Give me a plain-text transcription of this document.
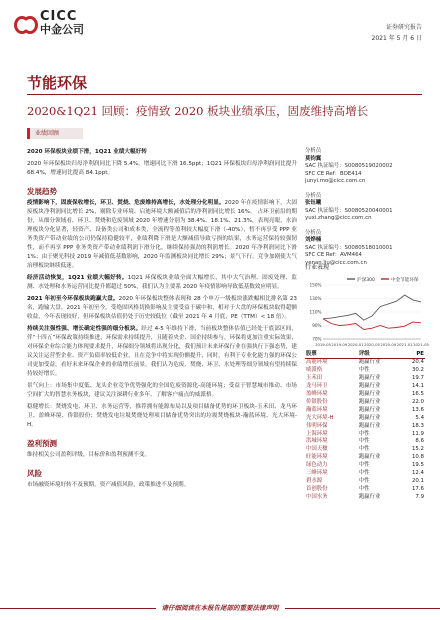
CICC
中金公司	证券研究报告
2021 年 5 月 6 日
节能环保
2020&1Q21 回顾：疫情致 2020 板块业绩承压，固废维持高增长
业绩回顾

2020 环保板块业绩下滑，1Q21 业绩大幅好转

2020 年环保板块归母净利润同比下降 5.4%，增速同比下滑 16.5ppt；1Q21 环保板块归母净利润同比提升 68.4%，增速同比提高 84.1ppt。

发展趋势

疫情影响下，固废保收增长，环卫、焚烧、危废维持高增长，水处理分化明显。2020 年在疫情影响下，大固废板块净利润同比增长 2%，剔除专业环境、启迪环境大额减值后的净利润同比增长 16%。 占环卫前沿的期份，从细分领域看，环卫、焚烧和危废领域 2020 年增速分别为 38.4%、18.1%、21.3%，表现亮眼。水治理板块分化显著，轻资产、设备类公司和成本类，全流程等盈利较大幅度下滑（-40%），暂不再享受 PPP 业务类资产带动业绩的公司仍保持稳健较平，业绩利降下滑是大额减值导致亏损的结果，水务运营保持较强韧性，而不再享 PPP 业务类资产带动业绩利润下滑分化，继续保持强劲的利润增长。2020 年净利润同比下滑 1%；由于聚光科技 2019 年减值低基数影响，2020 年监测板块同比增长 29%；景气下行，竞争加剧使大气治理板块继续低迷。

经济活动恢复，1Q21 业绩大幅好转。1Q21 环保板块业绩全面大幅增长，其中大气治理、固废处理、监测、水处理和水务运营同比提升都超过 50%，我们认为主要系 2020 年疫情影响导致低基数效应明显。

2021 年初至今环保板块跑赢大盘。2020 年环保板块整体表现和 28 个申万一级板块涨跌幅相比排名第 23 名，跑输大盘。2021 年初至今，受绝固风格切换影响及主要受益于碳中和，相对于大盘的环保板块取得超额收益，今年表现较好，但环保板块估值仍处于历史较低位（截至 2021 年 4 月底，PE（TTM）< 18 倍）。

持续关注强性强、增长确定性强的细分板块。经过 4-5 年维持下滑，当前板块整体估值已经处于底部区间，伴“十四五”环保政策持续推进，环保需求持续提升，且随着央企、国企持续参与，环保将更加注重实际效果，对环保企业综合能力体现要求提升，环保细分领域将出现分化，我们预计未来环保行业在强执行下强态势，建议关注运营型企业、资产负债率较低企业，且在竞争中将实现份额提升，同时，有利于专业化能力强的环保公司更加受益，看好未来环保企业的业绩增长前景，我们认为危废、焚烧、环卫、水处理等细分领域有望持续保持较好增长。

景气向上：市场集中度低、龙头企业竞争优势强化的全国危废资源化-高能环境；受益于智慧城市推动、市场空间扩大的智慧水务板块，建议关注深耕行业多年、了解客户痛点的威派格。

稳健增长：焚烧发电、环卫、水务运营等，推荐拥有能源布局以及项目储备优势的环卫板块-玉禾田、龙马环卫、盈峰环境、侨银股份；焚烧发电垃圾焚烧处理项目储备优势突出的垃圾焚烧板块-瀚蓝环境、光大环境-H。

盈利预测

维持相关公司盈利评级，目标价和盈利预测不变。

风险

市场融资环境好转不及预期，资产减值风险，政策推进不及预期。

分析员
莫钧翼
SAC 执证编号：S0080519020002
SFC CE Ref：BOE414
junyi.mo@cicc.com.cn
分析员
张钰曦
SAC 执证编号：S0080520040001
yuxi.zhang@cicc.com.cn
分析员
刘烨楠
SAC 执证编号：S0080518010001
SFC CE Ref：AVM464
yenan.liu@cicc.com.cn
行业表现
150%
130%
110%
90%
70%
2019-05 2019-09 2020-01 2020-05 2020-09 2021-01 2021-05
沪深300	中金节能环保
股票	评级	PE
高能环境	跑赢行业	20.4
威派格	中性	30.2
玉禾田	跑赢行业	19.7
龙马环卫	跑赢行业	14.1
盈峰环境	跑赢行业	16.5
侨银股份	跑赢行业	22.0
瀚蓝环境	跑赢行业	13.6
光大环境-H	跑赢行业	5.4
伟明环保	跑赢行业	18.3
上海环境	中性	11.9
洪城环境	中性	8.6
中国天楹	中性	15.2
旺能环境	跑赢行业	10.8
绿色动力	中性	19.5
三峰环境	中性	12.4
碧水源	中性	20.1
首创股份	中性	17.6
中国水务	跑赢行业	7.9
请仔细阅读在本报告尾部的重要法律声明
